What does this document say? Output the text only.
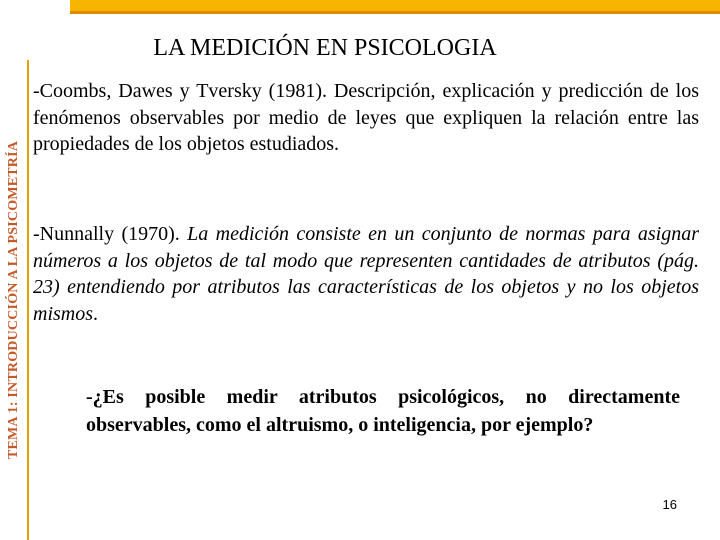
TEMA 1: INTRODUCCIÓN A LA PSICOMETRÍA
LA MEDICIÓN EN PSICOLOGIA
-Coombs, Dawes y Tversky (1981). Descripción, explicación y predicción de los fenómenos observables por medio de leyes que expliquen la relación entre las propiedades de los objetos estudiados.
-Nunnally (1970). La medición consiste en un conjunto de normas para asignar números a los objetos de tal modo que representen cantidades de atributos (pág. 23) entendiendo por atributos las características de los objetos y no los objetos mismos.
-¿Es posible medir atributos psicológicos, no directamente observables, como el altruismo, o inteligencia, por ejemplo?
16
